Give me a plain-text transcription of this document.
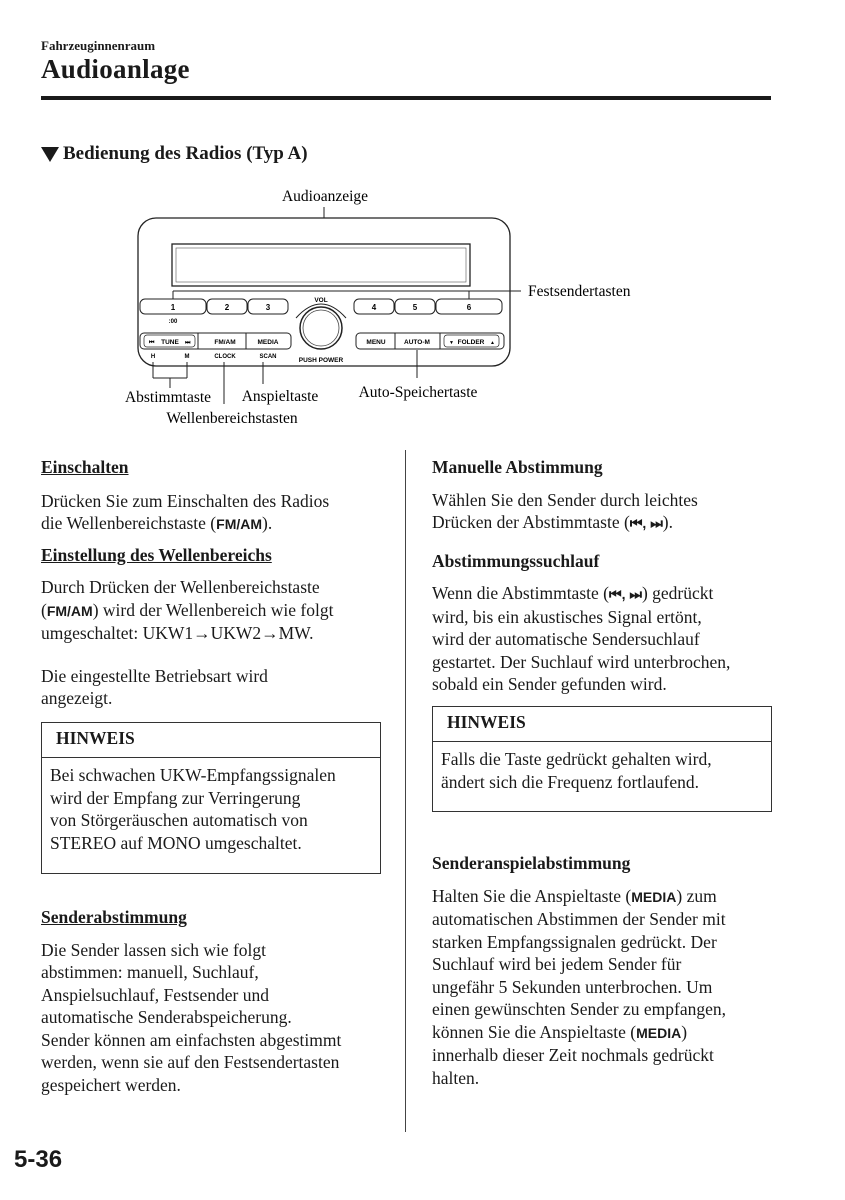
Fahrzeuginnenraum
Audioanlage
Bedienung des Radios (Typ A)
Audioanzeige
1
:00
2	3	4	5	6
VOL
PUSH POWER
TUNE
⏮	⏭	FM/AM	MEDIA
H	M	CLOCK	SCAN
MENU	AUTO-M	FOLDER
▼	▲
Festsendertasten
Abstimmtaste
Wellenbereichstasten
Anspieltaste	Auto-Speichertaste

Einschalten

Drücken Sie zum Einschalten des Radios

die Wellenbereichstaste (FM/AM).

Einstellung des Wellenbereichs

Durch Drücken der Wellenbereichstaste

(FM/AM) wird der Wellenbereich wie folgt

umgeschaltet: UKW1→UKW2→MW.

Die eingestellte Betriebsart wird

angezeigt.

HINWEIS
Bei schwachen UKW-Empfangssignalen
wird der Empfang zur Verringerung
von Störgeräuschen automatisch von
STEREO auf MONO umgeschaltet.

Senderabstimmung

Die Sender lassen sich wie folgt

abstimmen: manuell, Suchlauf,

Anspielsuchlauf, Festsender und

automatische Senderabspeicherung.

Sender können am einfachsten abgestimmt

werden, wenn sie auf den Festsendertasten

gespeichert werden.

Manuelle Abstimmung

Wählen Sie den Sender durch leichtes

Drücken der Abstimmtaste (⏮, ⏭).

Abstimmungssuchlauf

Wenn die Abstimmtaste (⏮, ⏭) gedrückt

wird, bis ein akustisches Signal ertönt,

wird der automatische Sendersuchlauf

gestartet. Der Suchlauf wird unterbrochen,

sobald ein Sender gefunden wird.

HINWEIS
Falls die Taste gedrückt gehalten wird,
ändert sich die Frequenz fortlaufend.

Senderanspielabstimmung

Halten Sie die Anspieltaste (MEDIA) zum

automatischen Abstimmen der Sender mit

starken Empfangssignalen gedrückt. Der

Suchlauf wird bei jedem Sender für

ungefähr 5 Sekunden unterbrochen. Um

einen gewünschten Sender zu empfangen,

können Sie die Anspieltaste (MEDIA)

innerhalb dieser Zeit nochmals gedrückt

halten.

5-36
